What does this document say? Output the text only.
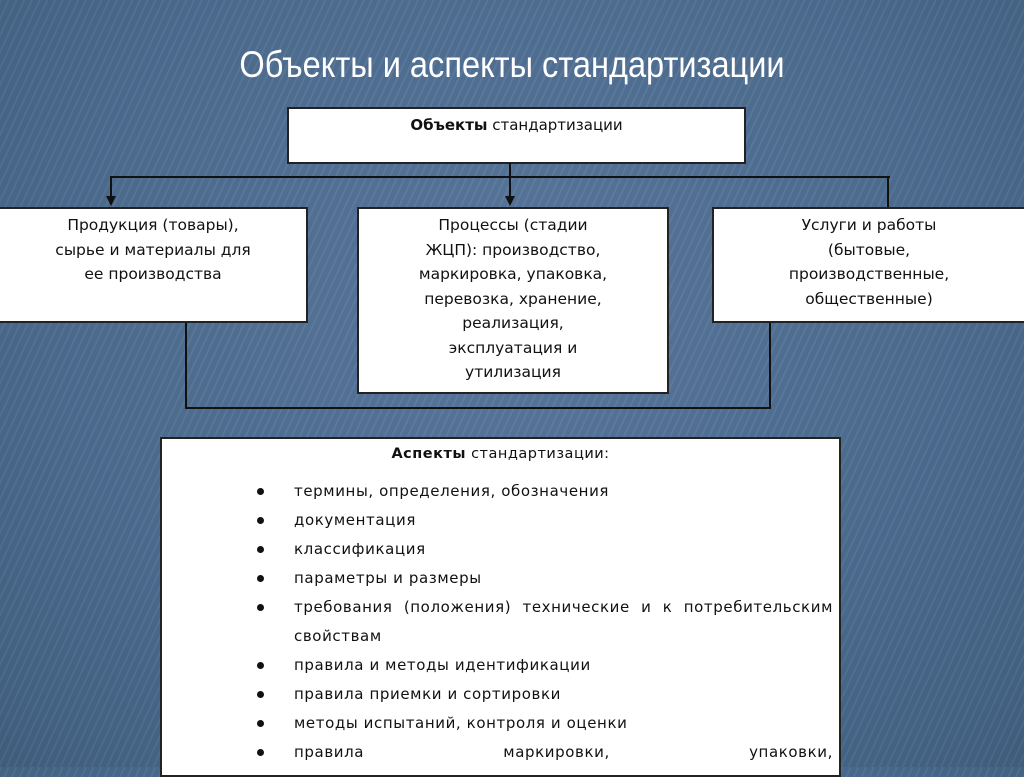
Объекты и аспекты стандартизации
Объекты стандартизации
Продукция (товары),
сырье и материалы для
ее производства
Процессы (стадии
ЖЦП): производство,
маркировка, упаковка,
перевозка, хранение,
реализация,
эксплуатация и
утилизация
Услуги и работы
(бытовые,
производственные,
общественные)
Аспекты стандартизации:
термины, определения, обозначения
документация
классификация
параметры и размеры
требования (положения) технические и к потребительским свойствам
правила и методы идентификации
правила приемки и сортировки
методы испытаний, контроля и оценки
правила маркировки, упаковки,
